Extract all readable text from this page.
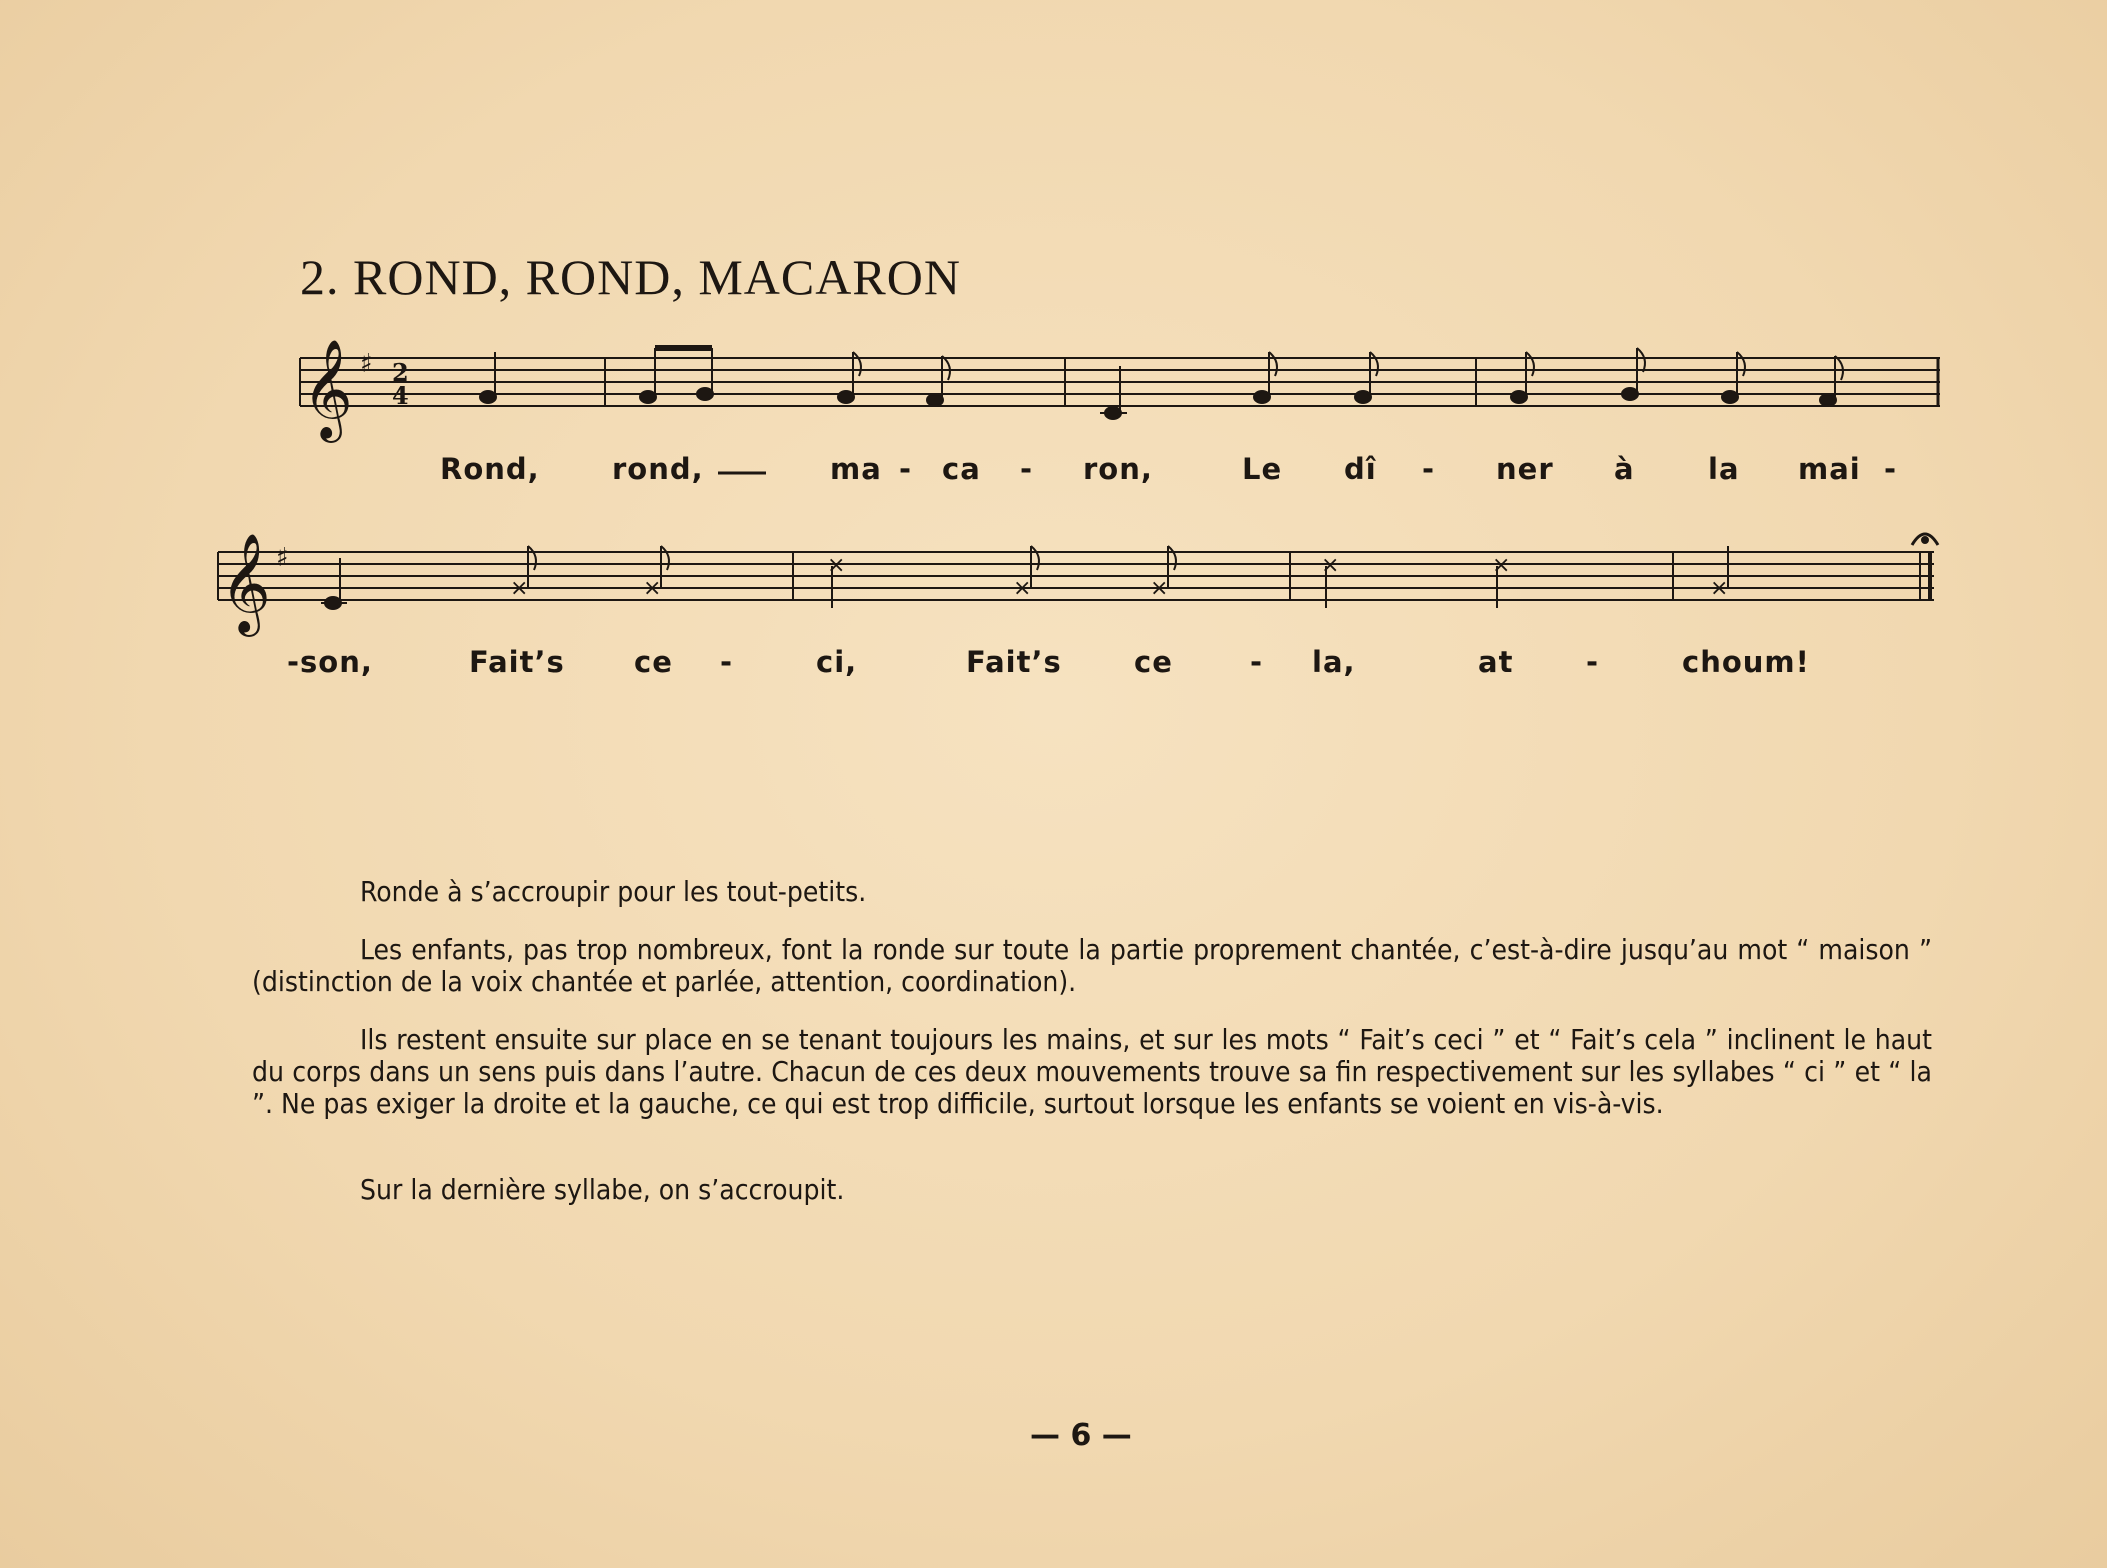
2. ROND, ROND, MACARON
𝄞 ♯ 2
4
𝄞 ♯
×	×
×
×	×
×	×
×
Rond, rond,	ma - ca - ron,	Le dî - ner à	la mai -
-son,	Fait’s ce -	ci,	Fait’s ce	- la,	at	-	choum!

Ronde à s’accroupir pour les tout-petits.

Les enfants, pas trop nombreux, font la ronde sur toute la partie proprement chantée, c’est-à-dire jusqu’au mot “ maison ” (distinction de la voix chantée et parlée, attention, coordination).

Ils restent ensuite sur place en se tenant toujours les mains, et sur les mots “ Fait’s ceci ” et “ Fait’s cela ” inclinent le haut du corps dans un sens puis dans l’autre. Chacun de ces deux mouvements trouve sa fin respectivement sur les syllabes “ ci ” et “ la ”. Ne pas exiger la droite et la gauche, ce qui est trop difficile, surtout lorsque les enfants se voient en vis-à-vis.

Sur la dernière syllabe, on s’accroupit.

— 6 —
